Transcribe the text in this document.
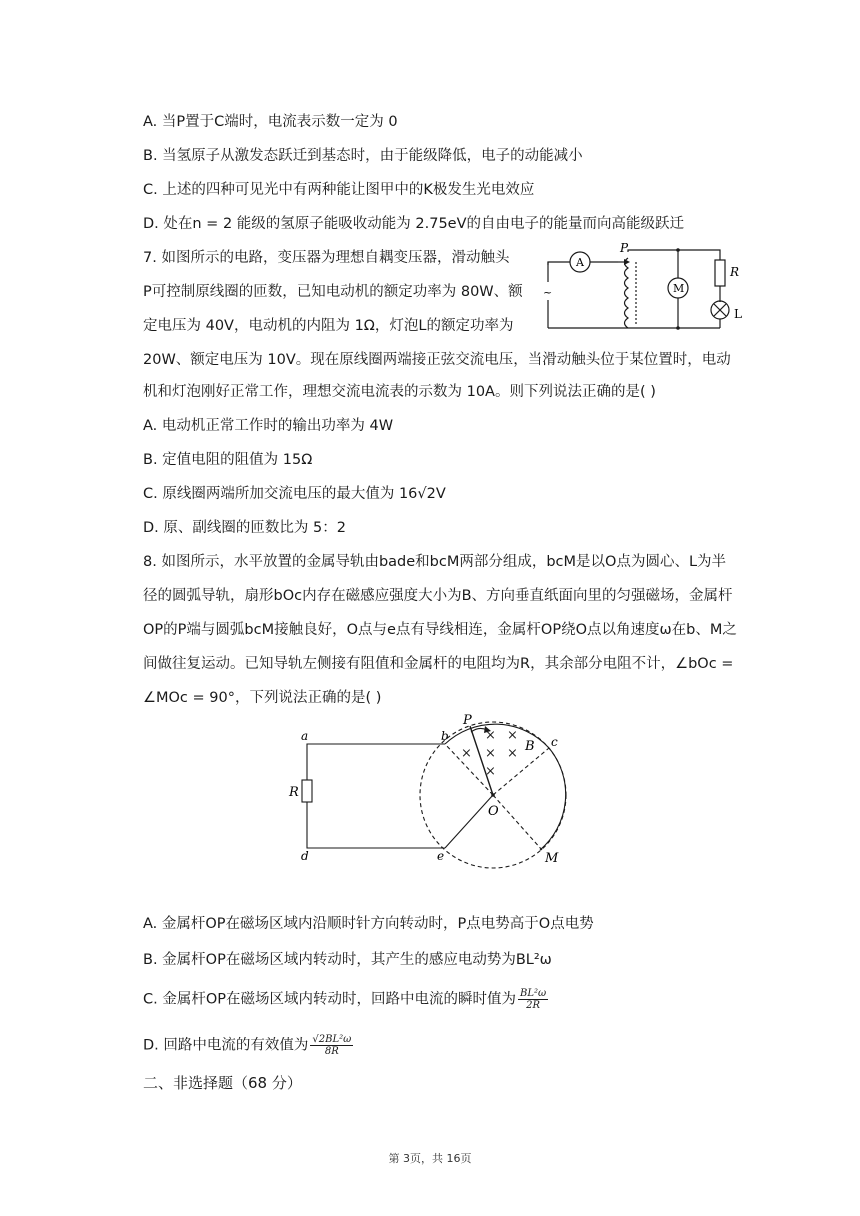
A. 当P置于C端时，电流表示数一定为 0
B. 当氢原子从激发态跃迁到基态时，由于能级降低，电子的动能减小
C. 上述的四种可见光中有两种能让图甲中的K极发生光电效应
D. 处在n = 2 能级的氢原子能吸收动能为 2.75eV的自由电子的能量而向高能级跃迁
7. 如图所示的电路，变压器为理想自耦变压器，滑动触头
P可控制原线圈的匝数，已知电动机的额定功率为 80W、额
定电压为 40V，电动机的内阻为 1Ω，灯泡L的额定功率为
20W、额定电压为 10V。现在原线圈两端接正弦交流电压，当滑动触头位于某位置时，电动
机和灯泡刚好正常工作，理想交流电流表的示数为 10A。则下列说法正确的是( )
A
P
M
R
L
~
A. 电动机正常工作时的输出功率为 4W
B. 定值电阻的阻值为 15Ω
C. 原线圈两端所加交流电压的最大值为 16√2V
D. 原、副线圈的匝数比为 5：2
8. 如图所示，水平放置的金属导轨由bade和bcM两部分组成，bcM是以O点为圆心、L为半
径的圆弧导轨，扇形bOc内存在磁感应强度大小为B、方向垂直纸面向里的匀强磁场，金属杆
OP的P端与圆弧bcM接触良好，O点与e点有导线相连，金属杆OP绕O点以角速度ω在b、M之
间做往复运动。已知导轨左侧接有阻值和金属杆的电阻均为R，其余部分电阻不计，∠bOc =
∠MOc = 90°，下列说法正确的是( )
× ×
× × ×
×
a	b	c
d	e
P
O
B
M
R
A. 金属杆OP在磁场区域内沿顺时针方向转动时，P点电势高于O点电势
B. 金属杆OP在磁场区域内转动时，其产生的感应电动势为BL²ω
C. 金属杆OP在磁场区域内转动时，回路中电流的瞬时值为 $\frac{\text{BL²ω}}{2R}$
D. 回路中电流的有效值为 $\frac{\text{√2BL²ω}}{8R}$
二、非选择题（68 分）
第 3页，共 16页
